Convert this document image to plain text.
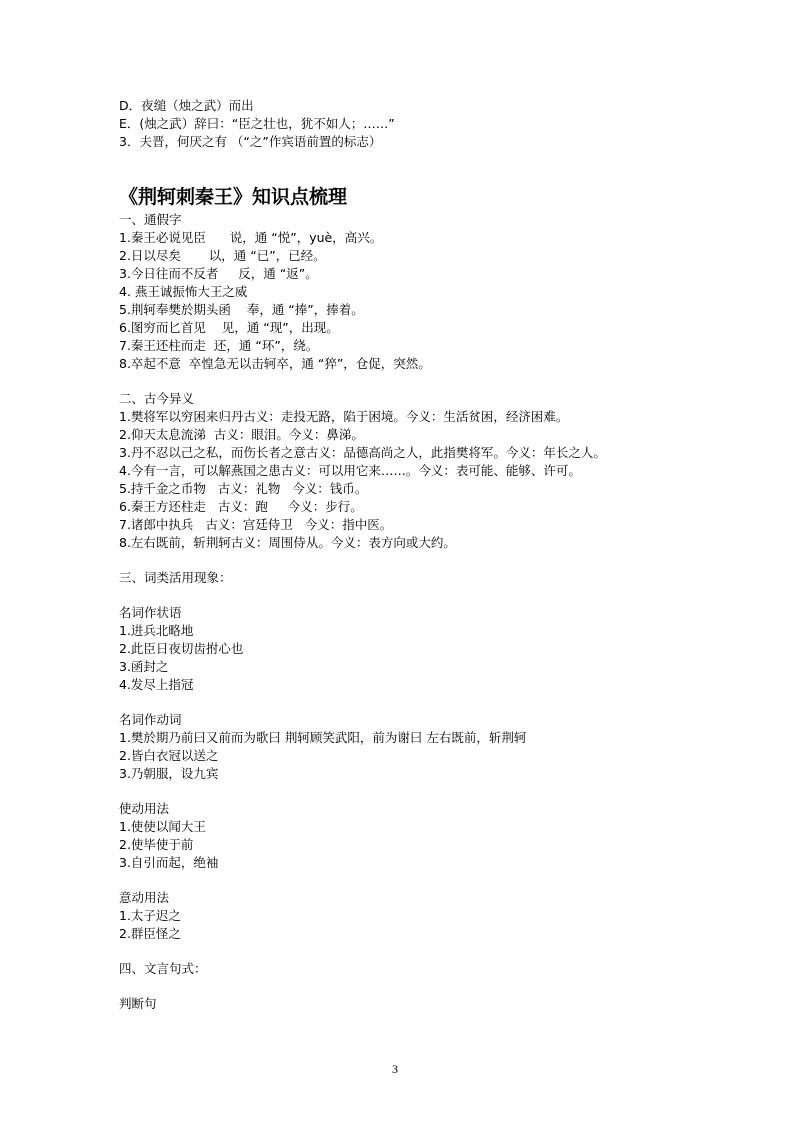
D．夜缒（烛之武）而出
E．(烛之武）辞曰：“臣之壮也，犹不如人；……”
3．夫晋，何厌之有 （“之”作宾语前置的标志）
《荆轲刺秦王》知识点梳理
一、通假字
1.秦王必说见臣      说，通 “悦”，yuè，高兴。
2.日以尽矣       以，通 “已”，已经。
3.今日往而不反者     反，通 “返”。
4. 燕王诚振怖大王之威
5.荆轲奉樊於期头函    奉，通 “捧”，捧着。
6.图穷而匕首见    见，通 “现”，出现。
7.秦王还柱而走  还，通 “环”，绕。
8.卒起不意  卒惶急无以击轲卒，通 “猝”，仓促，突然。
二、古今异义
1.樊将军以穷困来归丹古义：走投无路，陷于困境。今义：生活贫困，经济困难。
2.仰天太息流涕  古义：眼泪。今义：鼻涕。
3.丹不忍以己之私，而伤长者之意古义：品德高尚之人，此指樊将军。今义：年长之人。
4.今有一言，可以解燕国之患古义：可以用它来……。今义：表可能、能够、许可。
5.持千金之币物   古义：礼物   今义：钱币。
6.秦王方还柱走   古义：跑     今义：步行。
7.诸郎中执兵   古义：宫廷侍卫   今义：指中医。
8.左右既前，斩荆轲古义：周围侍从。今义：表方向或大约。
三、词类活用现象：
名词作状语
1.进兵北略地
2.此臣日夜切齿拊心也
3.函封之
4.发尽上指冠
名词作动词
1.樊於期乃前曰又前而为歌曰 荆轲顾笑武阳，前为谢曰 左右既前，斩荆轲
2.皆白衣冠以送之
3.乃朝服，设九宾
使动用法
1.使使以闻大王
2.使毕使于前
3.自引而起，绝袖
意动用法
1.太子迟之
2.群臣怪之
四、文言句式：
判断句
3
